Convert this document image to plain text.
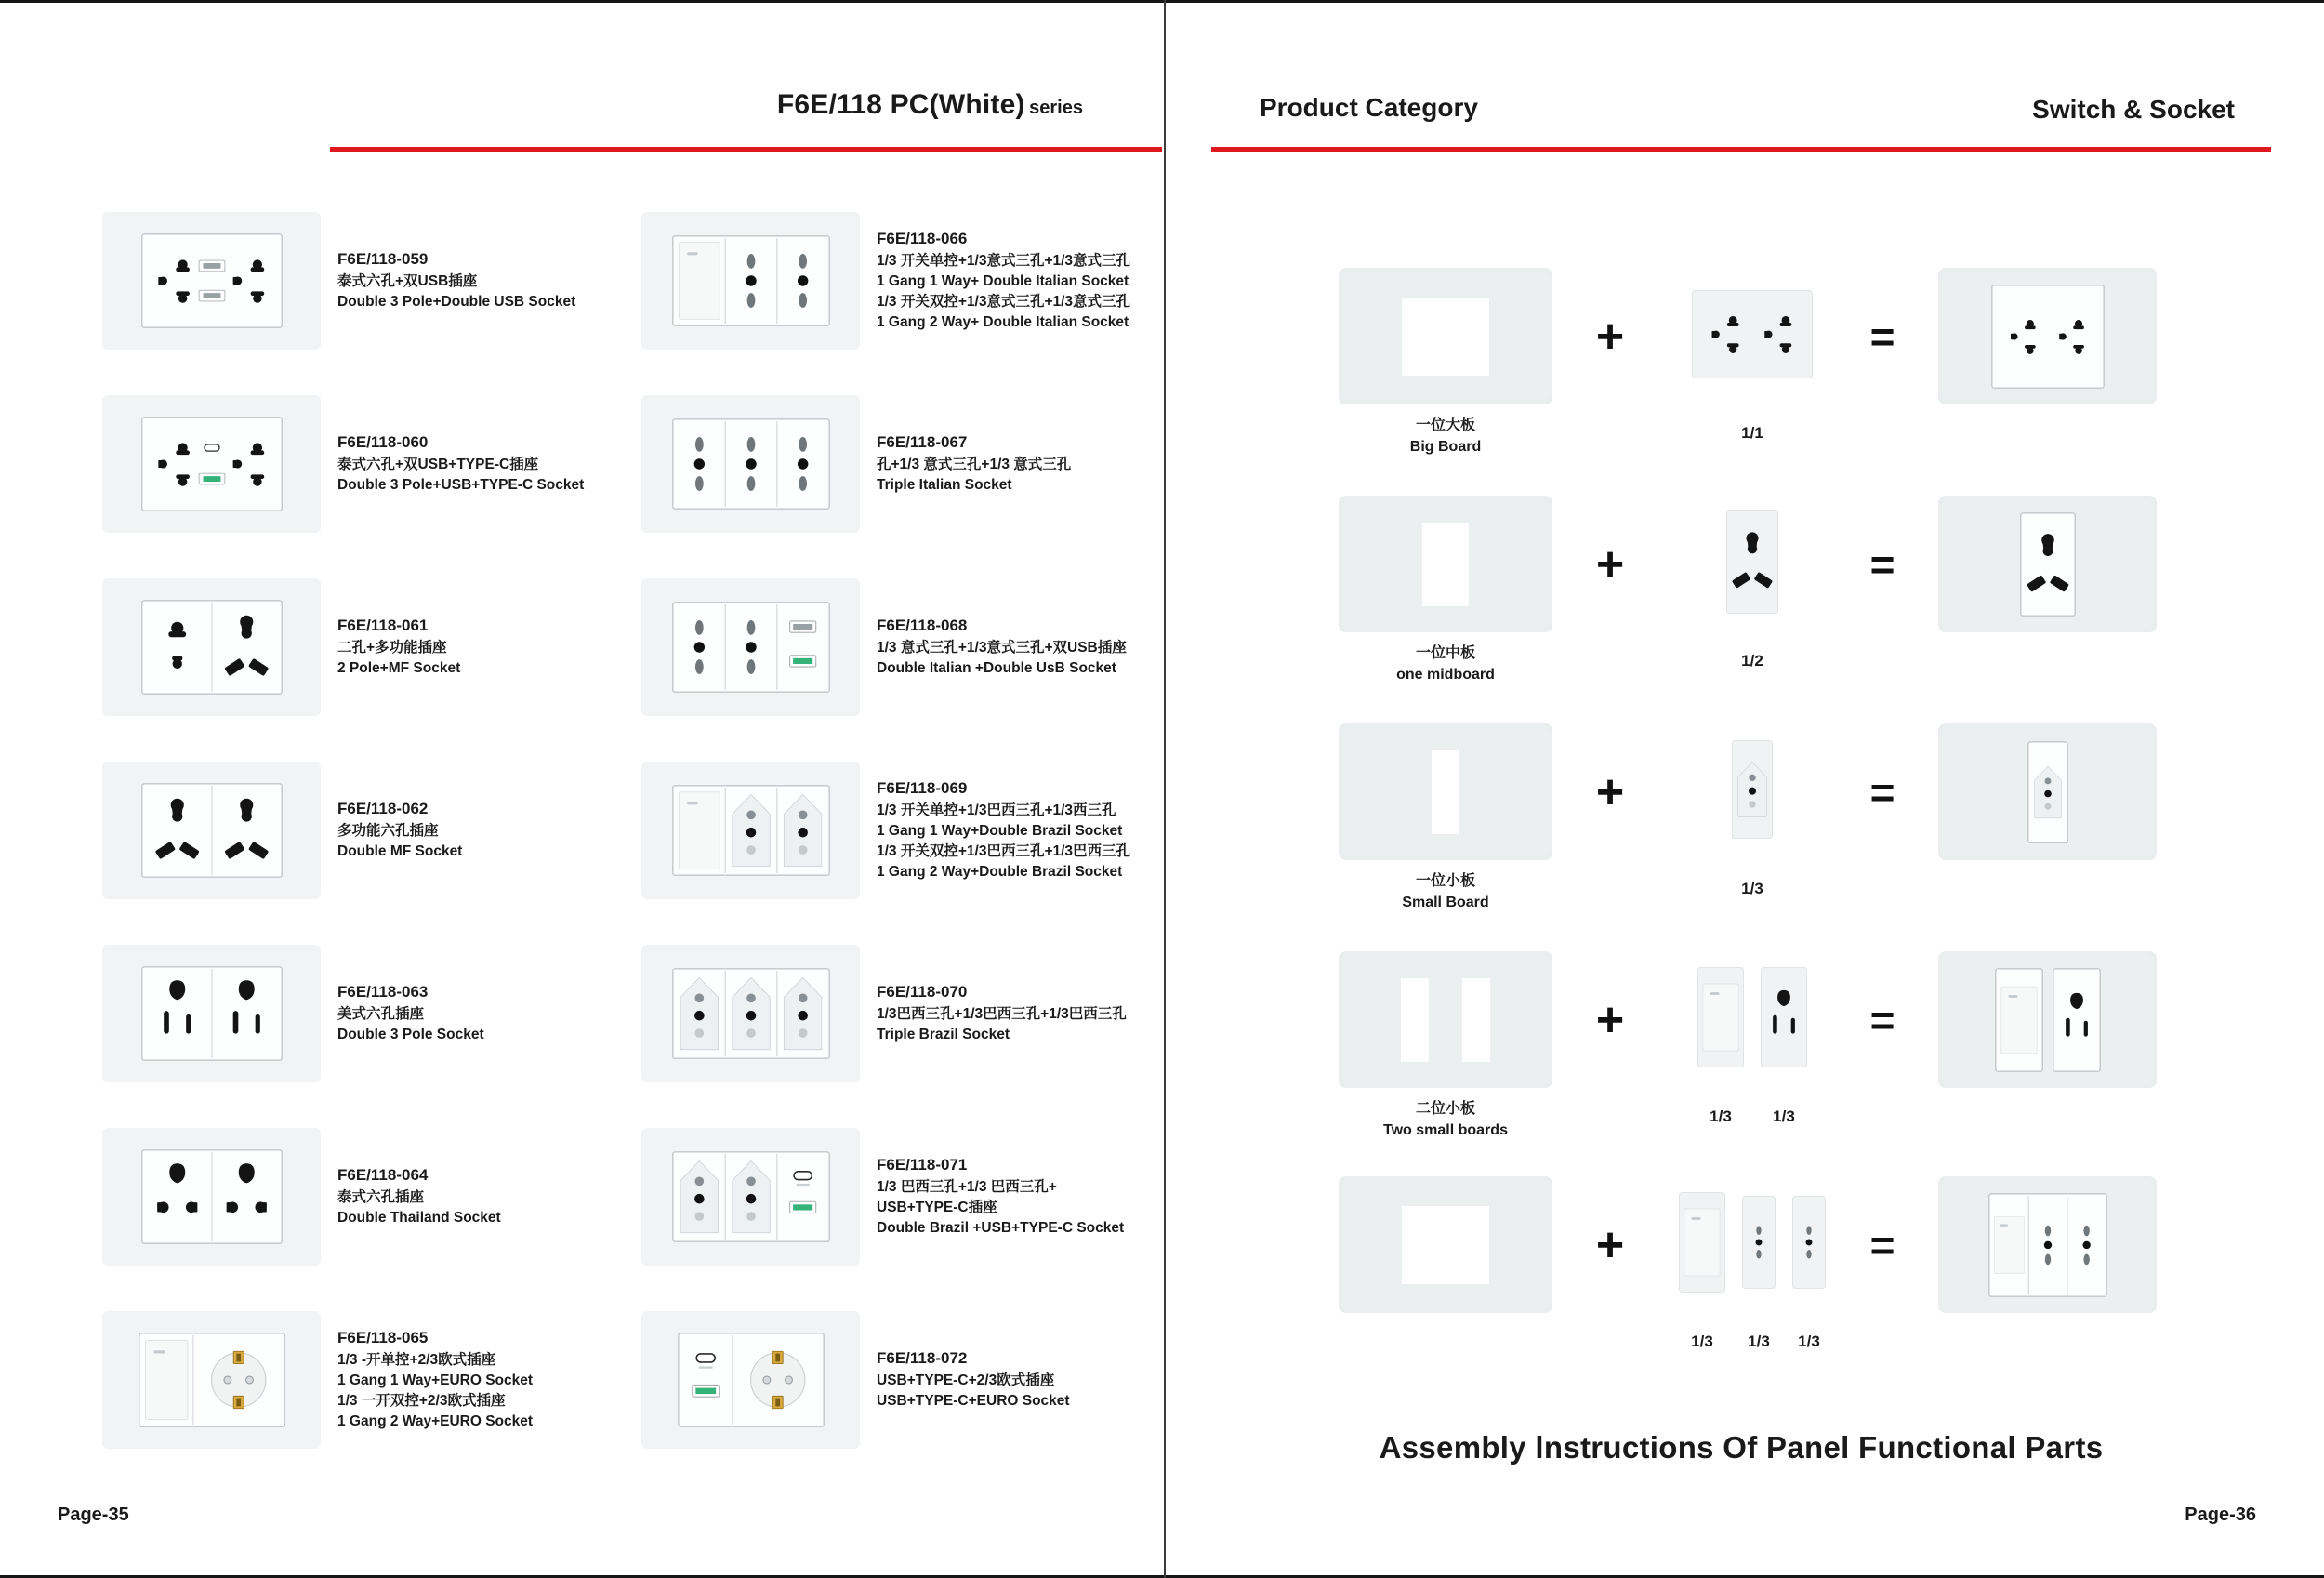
F6E/118 PC(White) series
F6E/118-059
泰式六孔+双USB插座
Double 3 Pole+Double USB Socket
F6E/118-060
泰式六孔+双USB+TYPE-C插座
Double 3 Pole+USB+TYPE-C Socket
F6E/118-061
二孔+多功能插座
2 Pole+MF Socket
F6E/118-062
多功能六孔插座
Double MF Socket
F6E/118-063
美式六孔插座
Double 3 Pole Socket
F6E/118-064
泰式六孔插座
Double Thailand Socket
F6E/118-065
1/3 -开单控+2/3欧式插座
1 Gang 1 Way+EURO Socket
1/3 一开双控+2/3欧式插座
1 Gang 2 Way+EURO Socket
F6E/118-066
1/3 开关单控+1/3意式三孔+1/3意式三孔
1 Gang 1 Way+ Double Italian Socket
1/3 开关双控+1/3意式三孔+1/3意式三孔
1 Gang 2 Way+ Double Italian Socket
F6E/118-067
孔+1/3 意式三孔+1/3 意式三孔
Triple Italian Socket
F6E/118-068
1/3 意式三孔+1/3意式三孔+双USB插座
Double Italian +Double UsB Socket
F6E/118-069
1/3 开关单控+1/3巴西三孔+1/3西三孔
1 Gang 1 Way+Double Brazil Socket
1/3 开关双控+1/3巴西三孔+1/3巴西三孔
1 Gang 2 Way+Double Brazil Socket
F6E/118-070
1/3巴西三孔+1/3巴西三孔+1/3巴西三孔
Triple Brazil Socket
F6E/118-071
1/3 巴西三孔+1/3 巴西三孔+
USB+TYPE-C插座
Double Brazil +USB+TYPE-C Socket
F6E/118-072
USB+TYPE-C+2/3欧式插座
USB+TYPE-C+EURO Socket
Page-35
Product Category	Switch & Socket
一位大板
Big Board
+
1/1
=
一位中板
one midboard
+
1/2
=
一位小板
Small Board
+
1/3
=
二位小板
Two small boards
+
1/3	1/3
=
+
1/3	1/3	1/3
=
Assembly lnstructions Of Panel Functional Parts
Page-36
